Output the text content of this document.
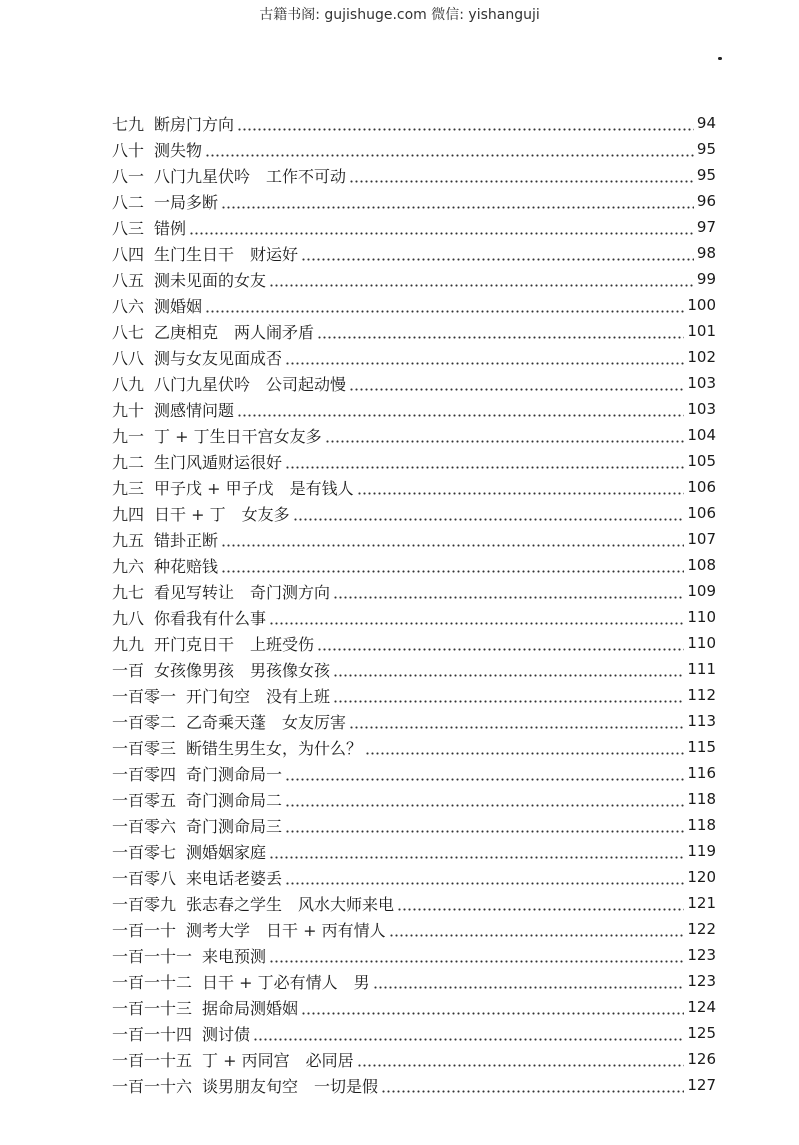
古籍书阁: gujishuge.com 微信: yishanguji
七九 断房门方向	94
八十 测失物	95
八一 八门九星伏吟　工作不可动	95
八二 一局多断	96
八三 错例	97
八四 生门生日干　财运好	98
八五 测未见面的女友	99
八六 测婚姻	100
八七 乙庚相克　两人闹矛盾	101
八八 测与女友见面成否	102
八九 八门九星伏吟　公司起动慢	103
九十 测感情问题	103
九一 丁 + 丁生日干宫女友多	104
九二 生门风遁财运很好	105
九三 甲子戊 + 甲子戊　是有钱人	106
九四 日干 + 丁　女友多	106
九五 错卦正断	107
九六 种花赔钱	108
九七 看见写转让　奇门测方向	109
九八 你看我有什么事	110
九九 开门克日干　上班受伤	110
一百 女孩像男孩　男孩像女孩	111
一百零一 开门旬空　没有上班	112
一百零二 乙奇乘天蓬　女友厉害	113
一百零三 断错生男生女，为什么？	115
一百零四 奇门测命局一	116
一百零五 奇门测命局二	118
一百零六 奇门测命局三	118
一百零七 测婚姻家庭	119
一百零八 来电话老婆丢	120
一百零九 张志春之学生　风水大师来电	121
一百一十 测考大学　日干 + 丙有情人	122
一百一十一 来电预测	123
一百一十二 日干 + 丁必有情人　男	123
一百一十三 据命局测婚姻	124
一百一十四 测讨债	125
一百一十五 丁 + 丙同宫　必同居	126
一百一十六 谈男朋友旬空　一切是假	127
